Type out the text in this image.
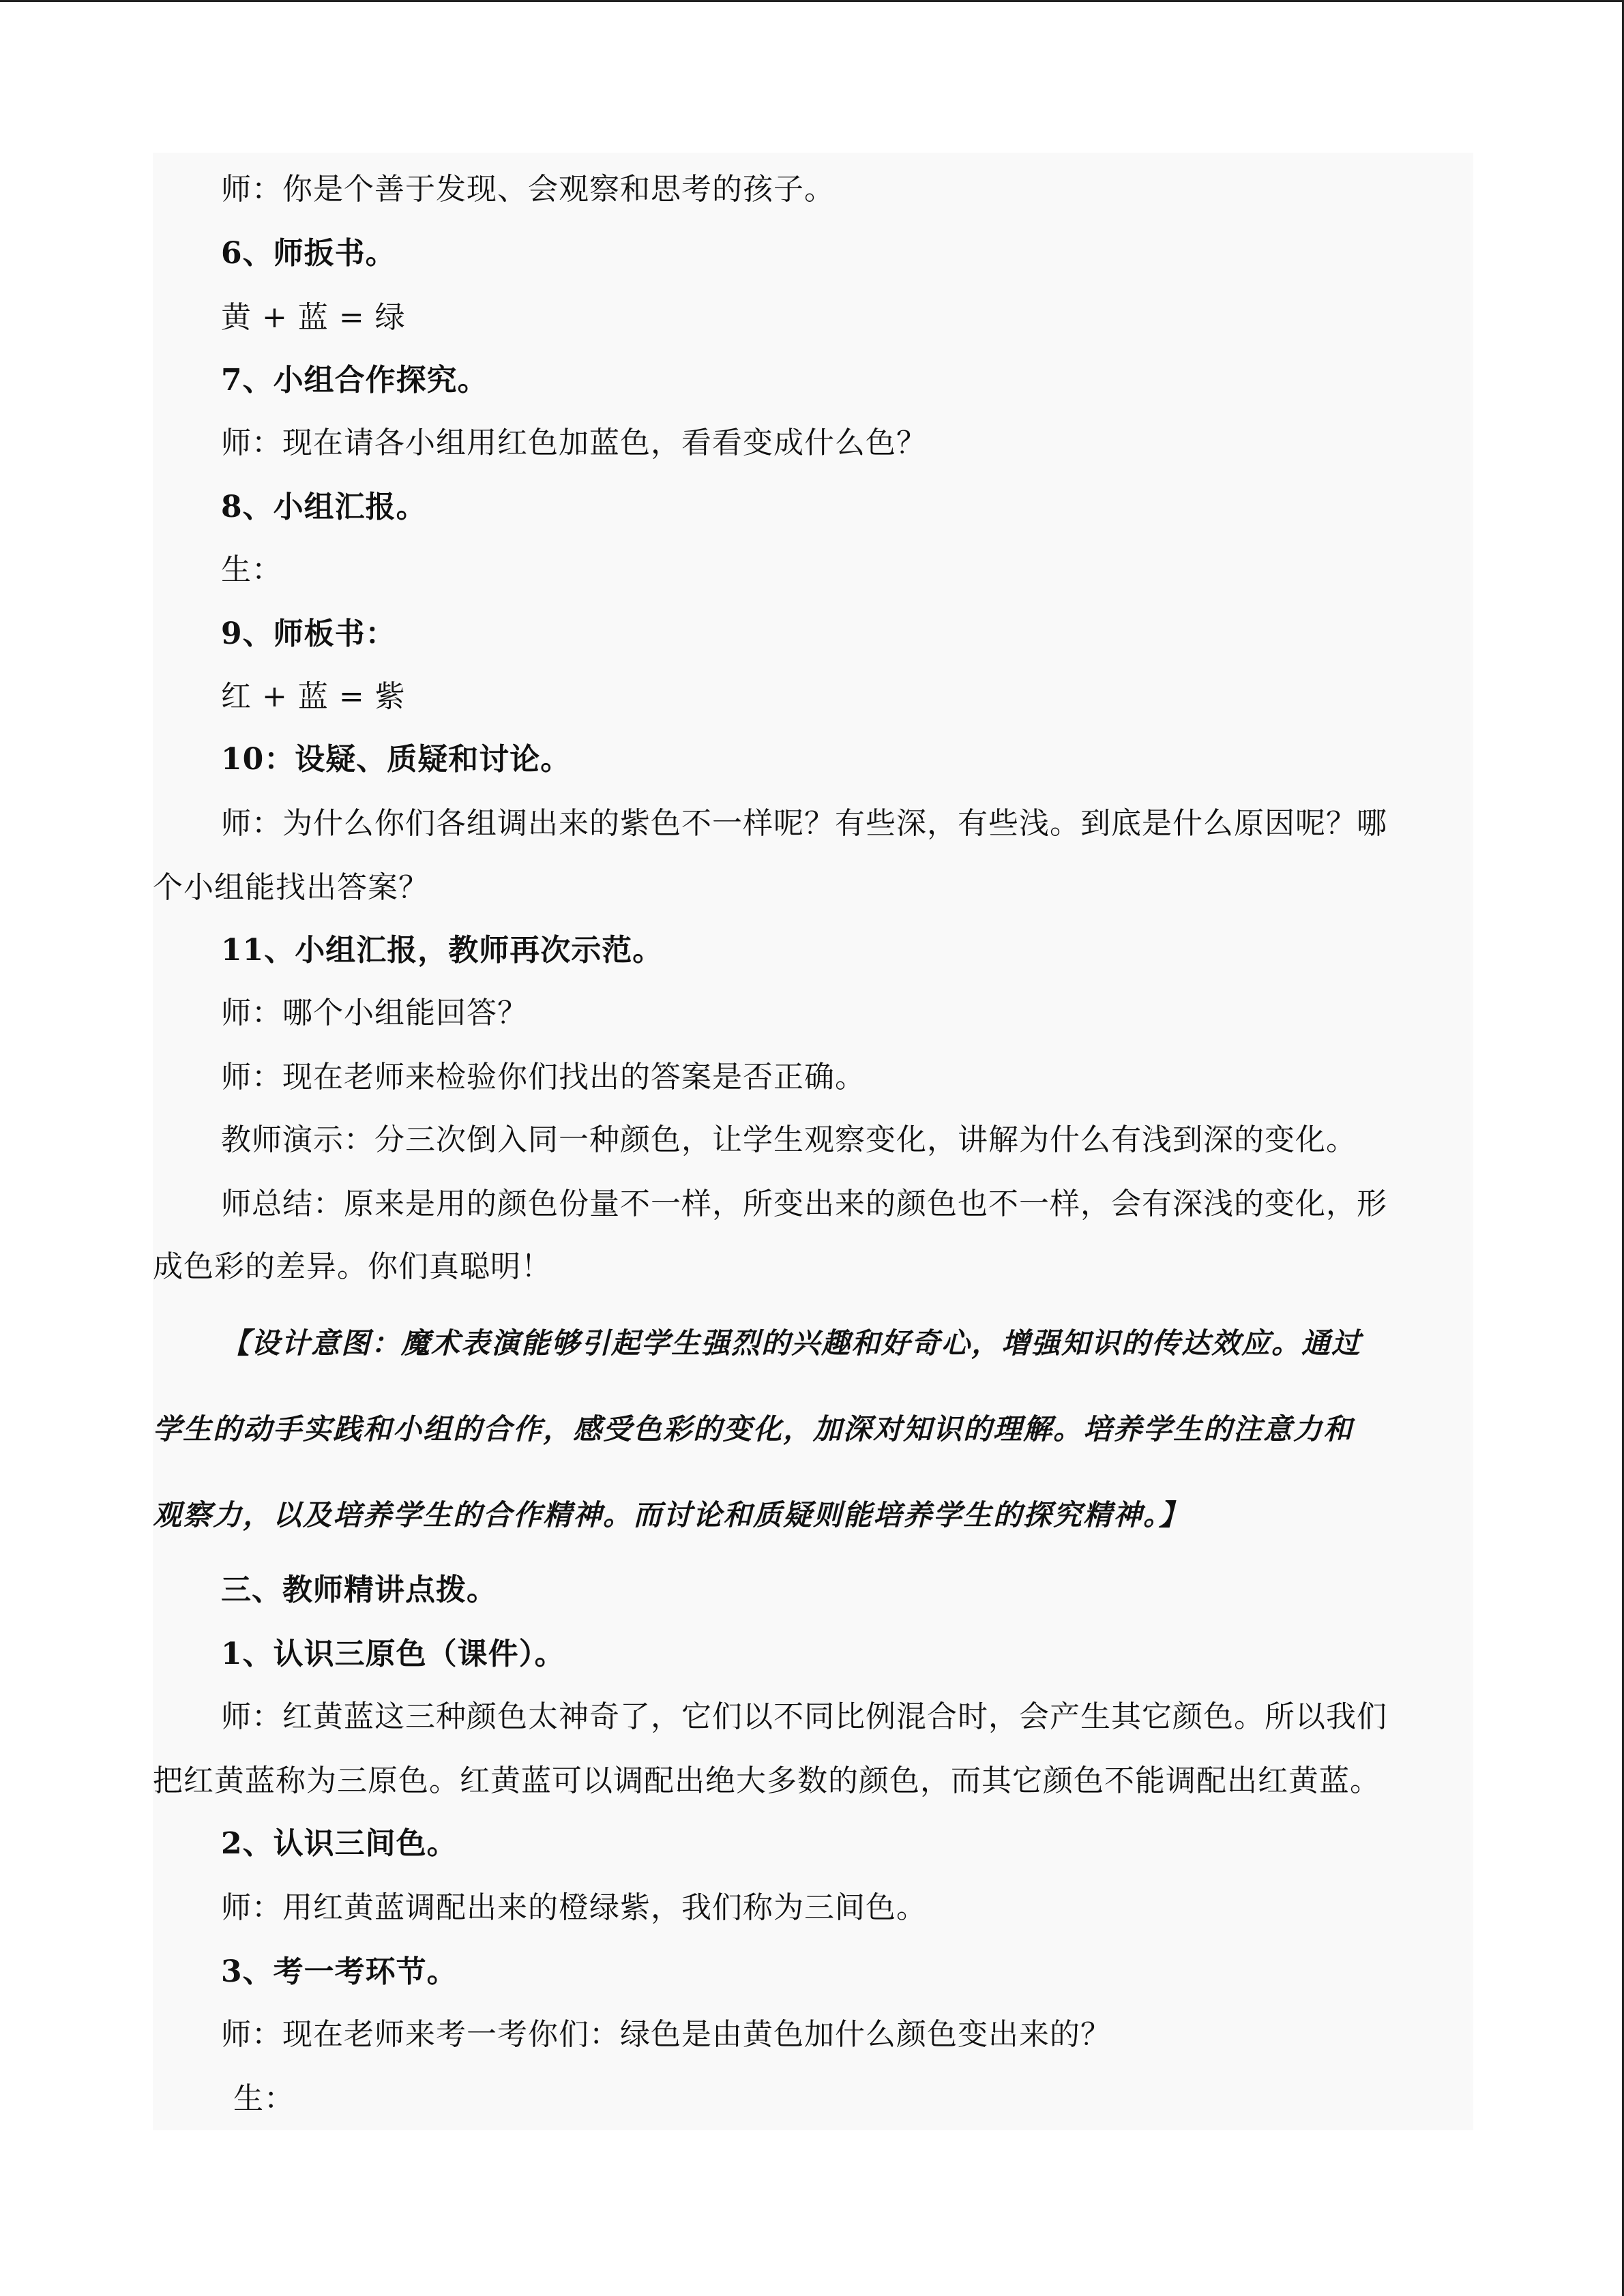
师：你是个善于发现、会观察和思考的孩子。
6、师扳书。
黄 + 蓝 = 绿
7、小组合作探究。
师：现在请各小组用红色加蓝色，看看变成什么色？
8、小组汇报。
生：
9、师板书：
红 + 蓝 = 紫
10：设疑、质疑和讨论。
师：为什么你们各组调出来的紫色不一样呢？有些深，有些浅。到底是什么原因呢？哪
个小组能找出答案？
11、小组汇报，教师再次示范。
师：哪个小组能回答？
师：现在老师来检验你们找出的答案是否正确。
教师演示：分三次倒入同一种颜色，让学生观察变化，讲解为什么有浅到深的变化。
师总结：原来是用的颜色份量不一样，所变出来的颜色也不一样，会有深浅的变化，形
成色彩的差异。你们真聪明！
【设计意图：魔术表演能够引起学生强烈的兴趣和好奇心，增强知识的传达效应。通过
学生的动手实践和小组的合作，感受色彩的变化，加深对知识的理解。培养学生的注意力和
观察力，以及培养学生的合作精神。而讨论和质疑则能培养学生的探究精神。】
三、教师精讲点拨。
1、认识三原色（课件）。
师：红黄蓝这三种颜色太神奇了，它们以不同比例混合时，会产生其它颜色。所以我们
把红黄蓝称为三原色。红黄蓝可以调配出绝大多数的颜色，而其它颜色不能调配出红黄蓝。
2、认识三间色。
师：用红黄蓝调配出来的橙绿紫，我们称为三间色。
3、考一考环节。
师：现在老师来考一考你们：绿色是由黄色加什么颜色变出来的？
生：
